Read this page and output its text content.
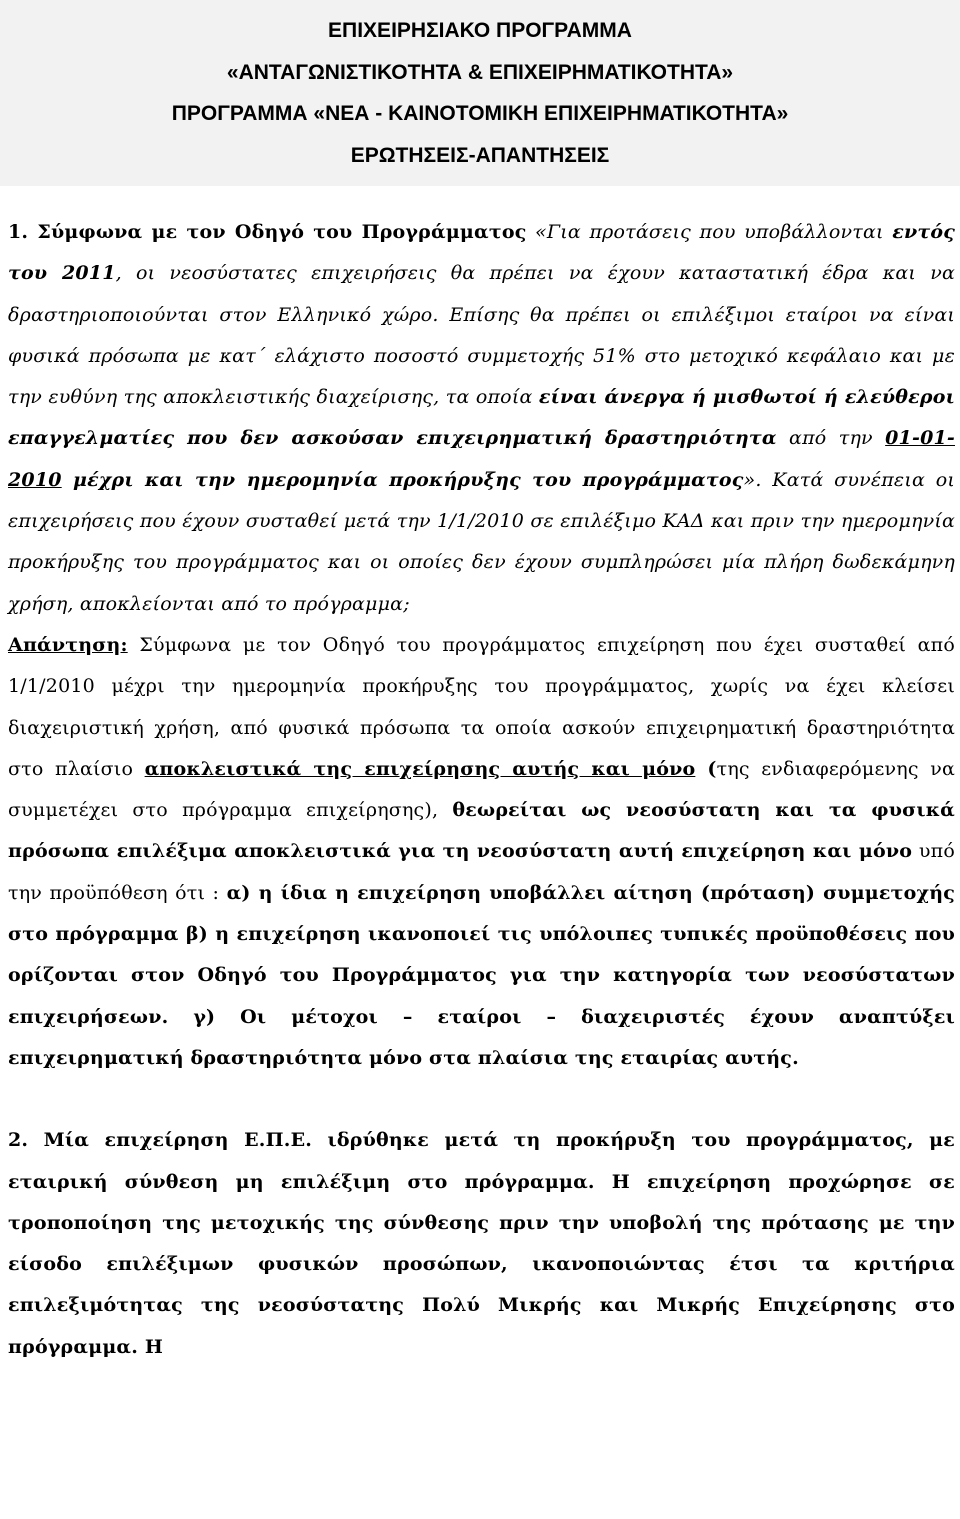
ΕΠΙΧΕΙΡΗΣΙΑΚΟ ΠΡΟΓΡΑΜΜΑ
«ΑΝΤΑΓΩΝΙΣΤΙΚΟΤΗΤΑ & ΕΠΙΧΕΙΡΗΜΑΤΙΚΟΤΗΤΑ»
ΠΡΟΓΡΑΜΜΑ «ΝΕΑ - ΚΑΙΝΟΤΟΜΙΚΗ ΕΠΙΧΕΙΡΗΜΑΤΙΚΟΤΗΤΑ»
ΕΡΩΤΗΣΕΙΣ-ΑΠΑΝΤΗΣΕΙΣ

1. Σύμφωνα με τον Οδηγό του Προγράμματος «Για προτάσεις που υποβάλλονται εντός του 2011, οι νεοσύστατες επιχειρήσεις θα πρέπει να έχουν καταστατική έδρα και να δραστηριοποιούνται στον Ελληνικό χώρο. Επίσης θα πρέπει οι επιλέξιμοι εταίροι να είναι φυσικά πρόσωπα με κατ΄ ελάχιστο ποσοστό συμμετοχής 51% στο μετοχικό κεφάλαιο και με την ευθύνη της αποκλειστικής διαχείρισης, τα οποία είναι άνεργα ή μισθωτοί ή ελεύθεροι επαγγελματίες που δεν ασκούσαν επιχειρηματική δραστηριότητα από την 01-01-2010 μέχρι και την ημερομηνία προκήρυξης του προγράμματος». Κατά συνέπεια οι επιχειρήσεις που έχουν συσταθεί μετά την 1/1/2010 σε επιλέξιμο ΚΑΔ και πριν την ημερομηνία προκήρυξης του προγράμματος και οι οποίες δεν έχουν συμπληρώσει μία πλήρη δωδεκάμηνη χρήση, αποκλείονται από το πρόγραμμα;

Απάντηση: Σύμφωνα με τον Οδηγό του προγράμματος επιχείρηση που έχει συσταθεί από 1/1/2010 μέχρι την ημερομηνία προκήρυξης του προγράμματος, χωρίς να έχει κλείσει διαχειριστική χρήση, από φυσικά πρόσωπα τα οποία ασκούν επιχειρηματική δραστηριότητα στο πλαίσιο αποκλειστικά της επιχείρησης αυτής και μόνο (της ενδιαφερόμενης να συμμετέχει στο πρόγραμμα επιχείρησης), θεωρείται ως νεοσύστατη και τα φυσικά πρόσωπα επιλέξιμα αποκλειστικά για τη νεοσύστατη αυτή επιχείρηση και μόνο υπό την προϋπόθεση ότι : α) η ίδια η επιχείρηση υποβάλλει αίτηση (πρόταση) συμμετοχής στο πρόγραμμα β) η επιχείρηση ικανοποιεί τις υπόλοιπες τυπικές προϋποθέσεις που ορίζονται στον Οδηγό του Προγράμματος για την κατηγορία των νεοσύστατων επιχειρήσεων. γ) Οι μέτοχοι – εταίροι – διαχειριστές έχουν αναπτύξει επιχειρηματική δραστηριότητα μόνο στα πλαίσια της εταιρίας αυτής.

2. Μία επιχείρηση Ε.Π.Ε. ιδρύθηκε μετά τη προκήρυξη του προγράμματος, με εταιρική σύνθεση μη επιλέξιμη στο πρόγραμμα. Η επιχείρηση προχώρησε σε τροποποίηση της μετοχικής της σύνθεσης πριν την υποβολή της πρότασης με την είσοδο επιλέξιμων φυσικών προσώπων, ικανοποιώντας έτσι τα κριτήρια επιλεξιμότητας της νεοσύστατης Πολύ Μικρής και Μικρής Επιχείρησης στο πρόγραμμα. Η
